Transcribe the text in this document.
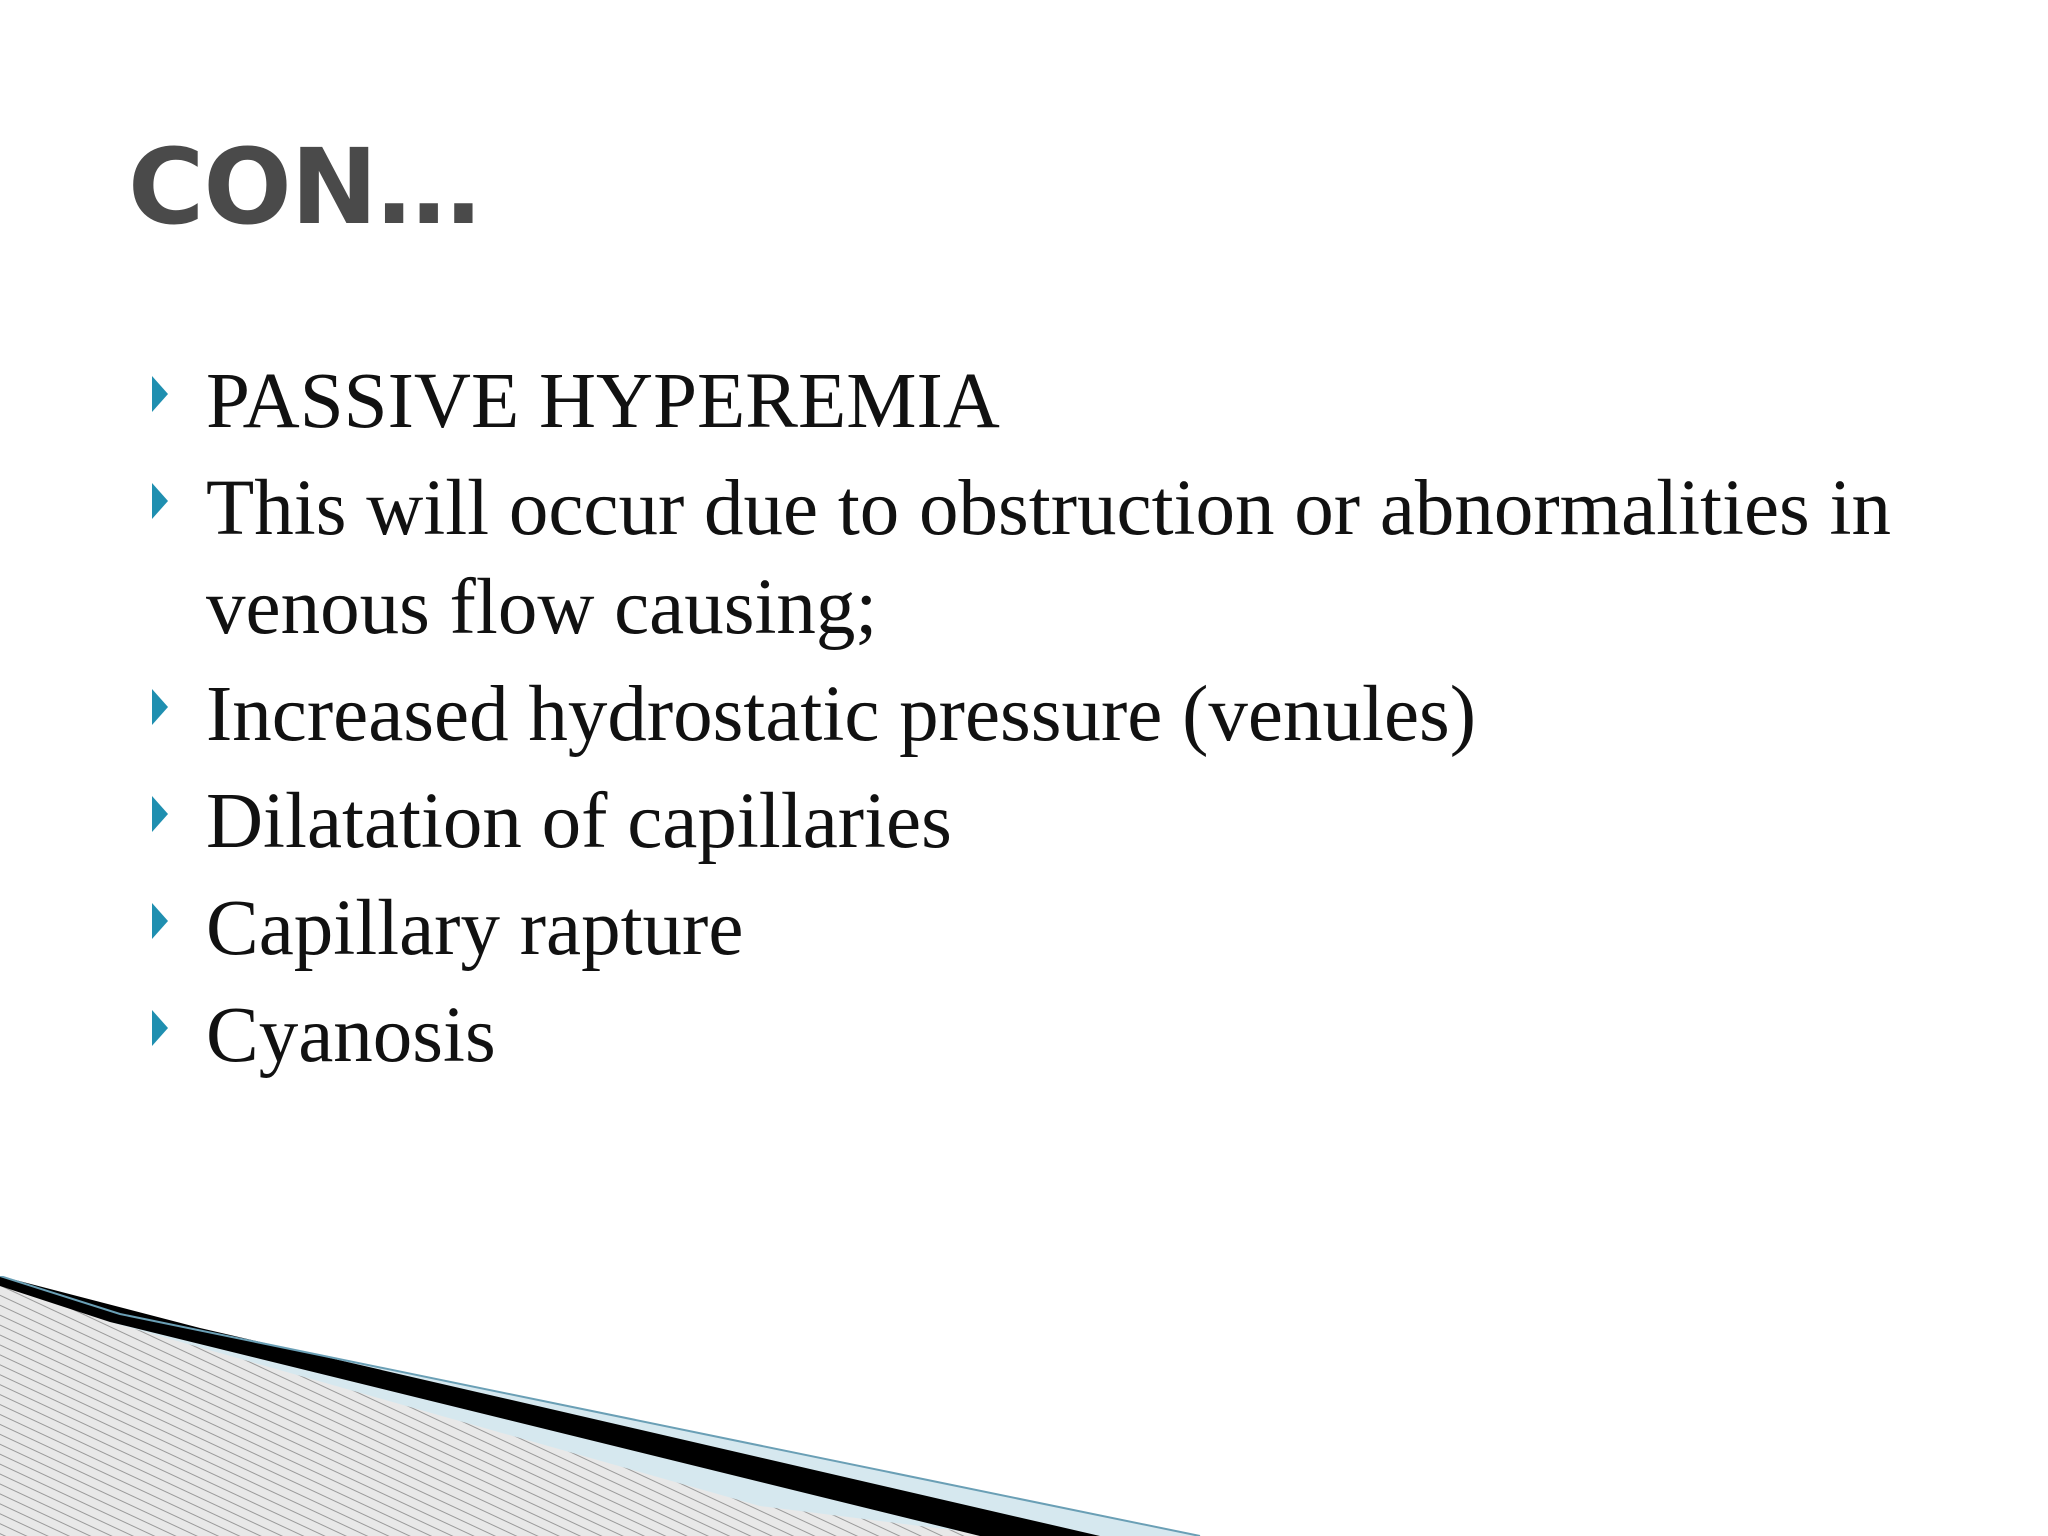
CON…
PASSIVE HYPEREMIA
This will occur due to obstruction or abnormalities in venous flow causing;
Increased hydrostatic pressure (venules)
Dilatation of capillaries
Capillary rapture
Cyanosis
